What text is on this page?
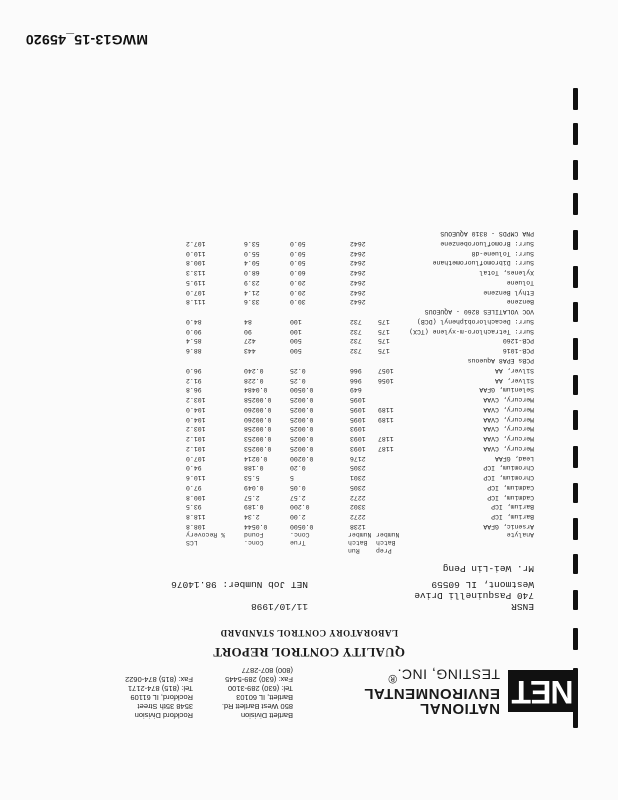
NET
NATIONAL
ENVIRONMENTAL
TESTING, INC.®
Bartlett Division
850 West Bartlett Rd.
Bartlett, IL 60103
Tel: (630) 289-3100
Fax: (630) 289-5445
(800) 807-2877
Rockford Division
3548 35th Street
Rockford, IL 61109
Tel: (815) 874-2171
Fax: (815) 874-0622
QUALITY CONTROL REPORT
LABORATORY CONTROL STANDARD
ENSR
11/10/1998
740 Pasquinelli Drive
Westmont, IL 60559
NET Job Number: 98.14076
Mr. Wei-Lin Peng
Analyte
Prep
Batch
Number
Run
Batch
Number
True
Conc.
Conc.
Found
LCS
% Recovery
Arsenic, GFAA
1238
0.0500
0.0544
108.8
Barium, ICP
2272
2.00
2.34
118.8
Barium, ICP
3302
0.200
0.189
93.5
Cadmium, ICP
2272
2.57
2.57
100.8
Cadmium, ICP
2305
0.05
0.049
97.0
Chromium, ICP
2301
5
5.53
110.6
Chromium, ICP
2305
0.20
0.188
94.0
Lead, GFAA
2176
0.0200
0.0214
107.0
Mercury, CVAA
1187
1093
0.0025
0.00253
101.2
Mercury, CVAA
1187
1093
0.0025
0.00253
101.2
Mercury, CVAA
1093
0.0025
0.00258
103.2
Mercury, CVAA
1189
1095
0.0025
0.00260
104.0
Mercury, CVAA
1189
1095
0.0025
0.00260
104.0
Mercury, CVAA
1095
0.0025
0.00258
103.2
Selenium, GFAA
649
0.0500
0.0484
96.8
Silver, AA
1056
966
0.25
0.228
91.2
Silver, AA
1057
966
0.25
0.240
96.0
PCBs EPA8 Aqueous
PCB-1016
175
732
500
443
88.6
PCB-1260
175
732
500
427
85.4
Surr: Tetrachloro-m-xylene (TCX)
175
732
100
90
90.0
Surr: Decachlorobiphenyl (DCB)
175
732
100
84
84.0
VOC VOLATILES 8260 - AQUEOUS
Benzene
2642
30.0
33.6
111.8
Ethyl Benzene
2642
20.0
21.4
107.0
Toluene
2642
20.0
23.9
119.5
Xylenes, Total
2642
60.0
68.0
113.3
Surr: Dibromofluoromethane
2642
50.0
50.4
100.8
Surr: Toluene-d8
2642
50.0
55.0
110.0
Surr: Bromofluorobenzene
2642
50.0
53.6
107.2
PNA CMPDS - 8310 AQUEOUS
MWG13-15_45920
